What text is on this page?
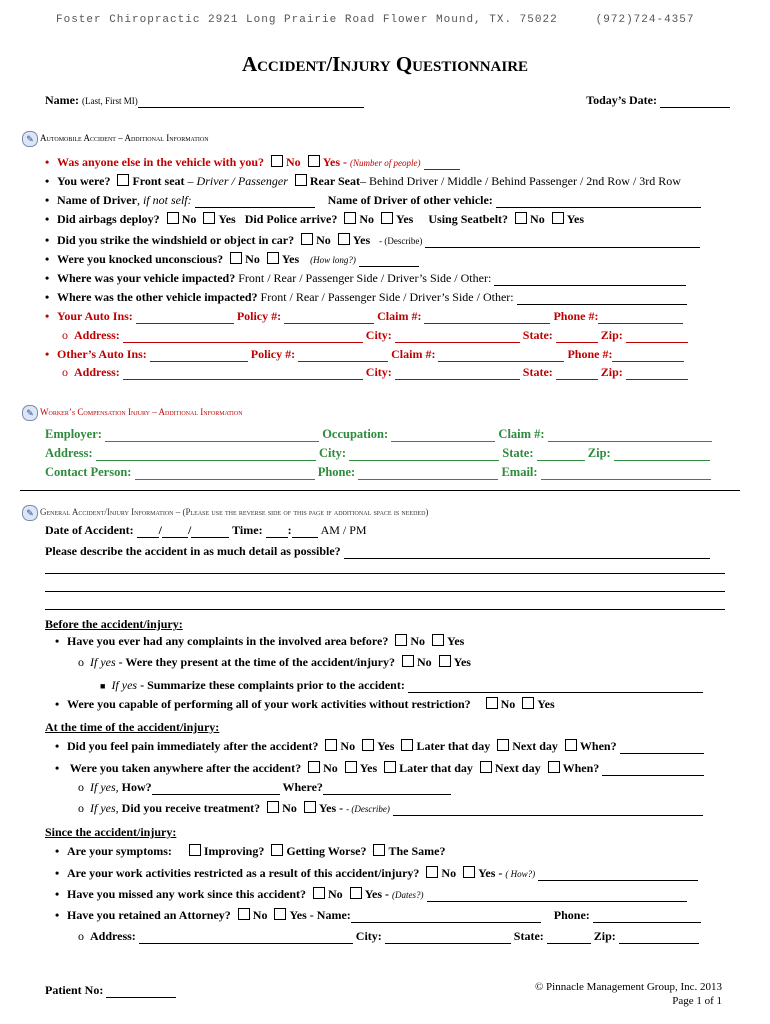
Foster Chiropractic 2921 Long Prairie Road Flower Mound, TX. 75022     (972)724-4357
Accident/Injury Questionnaire
Name: (Last, First MI)	Today’s Date:
✎ Automobile Accident – Additional Information
• Was anyone else in the vehicle with you? No Yes - (Number of people)
• You were? Front seat – Driver / Passenger Rear Seat– Behind Driver / Middle / Behind Passenger / 2nd Row / 3rd Row
• Name of Driver, if not self:	Name of Driver of other vehicle:
• Did airbags deploy? No Yes Did Police arrive? No Yes Using Seatbelt? No Yes
• Did you strike the windshield or object in car? No Yes - (Describe)
• Were you knocked unconscious? No Yes (How long?)
• Where was your vehicle impacted? Front / Rear / Passenger Side / Driver’s Side / Other:
• Where was the other vehicle impacted? Front / Rear / Passenger Side / Driver’s Side / Other:
• Your Auto Ins:	Policy #:	Claim #:	Phone #:
o Address:	City:	State:	Zip:
• Other’s Auto Ins:	Policy #:	Claim #:	Phone #:
o Address:	City:	State:	Zip:
✎ Worker’s Compensation Injury – Additional Information
Employer:	Occupation:	Claim #:
Address:	City:	State:	Zip:
Contact Person:	Phone:	Email:
✎ General Accident/Injury Information – (Please use the reverse side of this page if additional space is needed)
Date of Accident: / /	Time: : AM / PM
Please describe the accident in as much detail as possible?
Before the accident/injury:
• Have you ever had any complaints in the involved area before? No Yes
o If yes - Were they present at the time of the accident/injury? No Yes
■ If yes - Summarize these complaints prior to the accident:
• Were you capable of performing all of your work activities without restriction?	No Yes
At the time of the accident/injury:
• Did you feel pain immediately after the accident? No Yes Later that day Next day When?
• Were you taken anywhere after the accident? No Yes Later that day Next day When?
o If yes, How?	Where?
o If yes, Did you receive treatment? No Yes - - (Describe)
Since the accident/injury:
• Are your symptoms:	Improving? Getting Worse? The Same?
• Are your work activities restricted as a result of this accident/injury? No Yes - ( How?)
• Have you missed any work since this accident? No Yes - (Dates?)
• Have you retained an Attorney? No Yes - Name:	Phone:
o Address:	City:	State:	Zip:
Patient No:	© Pinnacle Management Group, Inc. 2013
Page 1 of 1
